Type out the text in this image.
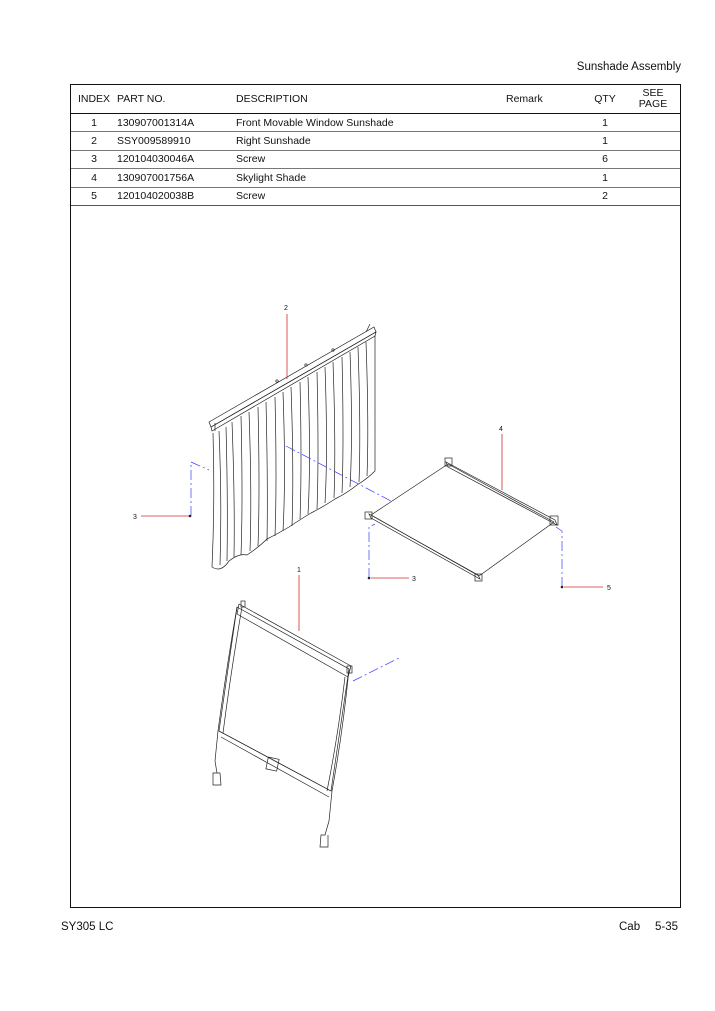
Sunshade Assembly
INDEX	PART NO.	DESCRIPTION	Remark	QTY	SEE PAGE
1	130907001314A	Front Movable Window Sunshade		1	
2	SSY009589910	Right Sunshade		1	
3	120104030046A	Screw		6	
4	130907001756A	Skylight Shade		1	
5	120104020038B	Screw		2	
2
3
4
3
5
1
SY305 LC	Cab 5-35
